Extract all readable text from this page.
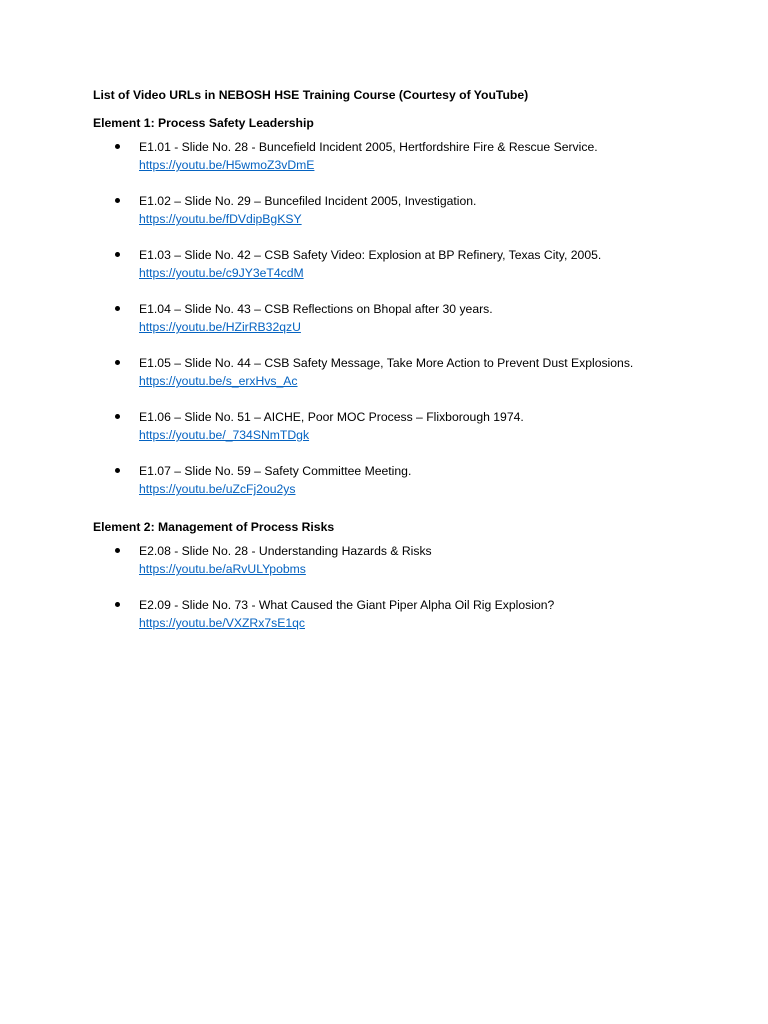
List of Video URLs in NEBOSH HSE Training Course (Courtesy of YouTube)

Element 1: Process Safety Leadership

E1.01 - Slide No. 28 - Buncefield Incident 2005, Hertfordshire Fire & Rescue Service.
https://youtu.be/H5wmoZ3vDmE
E1.02 – Slide No. 29 – Buncefiled Incident 2005, Investigation.
https://youtu.be/fDVdipBgKSY
E1.03 – Slide No. 42 – CSB Safety Video: Explosion at BP Refinery, Texas City, 2005.
https://youtu.be/c9JY3eT4cdM
E1.04 – Slide No. 43 – CSB Reflections on Bhopal after 30 years.
https://youtu.be/HZirRB32qzU
E1.05 – Slide No. 44 – CSB Safety Message, Take More Action to Prevent Dust Explosions.
https://youtu.be/s_erxHvs_Ac
E1.06 – Slide No. 51 – AICHE, Poor MOC Process – Flixborough 1974.
https://youtu.be/_734SNmTDgk
E1.07 – Slide No. 59 – Safety Committee Meeting.
https://youtu.be/uZcFj2ou2ys

Element 2: Management of Process Risks

E2.08 - Slide No. 28 - Understanding Hazards & Risks
https://youtu.be/aRvULYpobms
E2.09 - Slide No. 73 - What Caused the Giant Piper Alpha Oil Rig Explosion?
https://youtu.be/VXZRx7sE1qc
